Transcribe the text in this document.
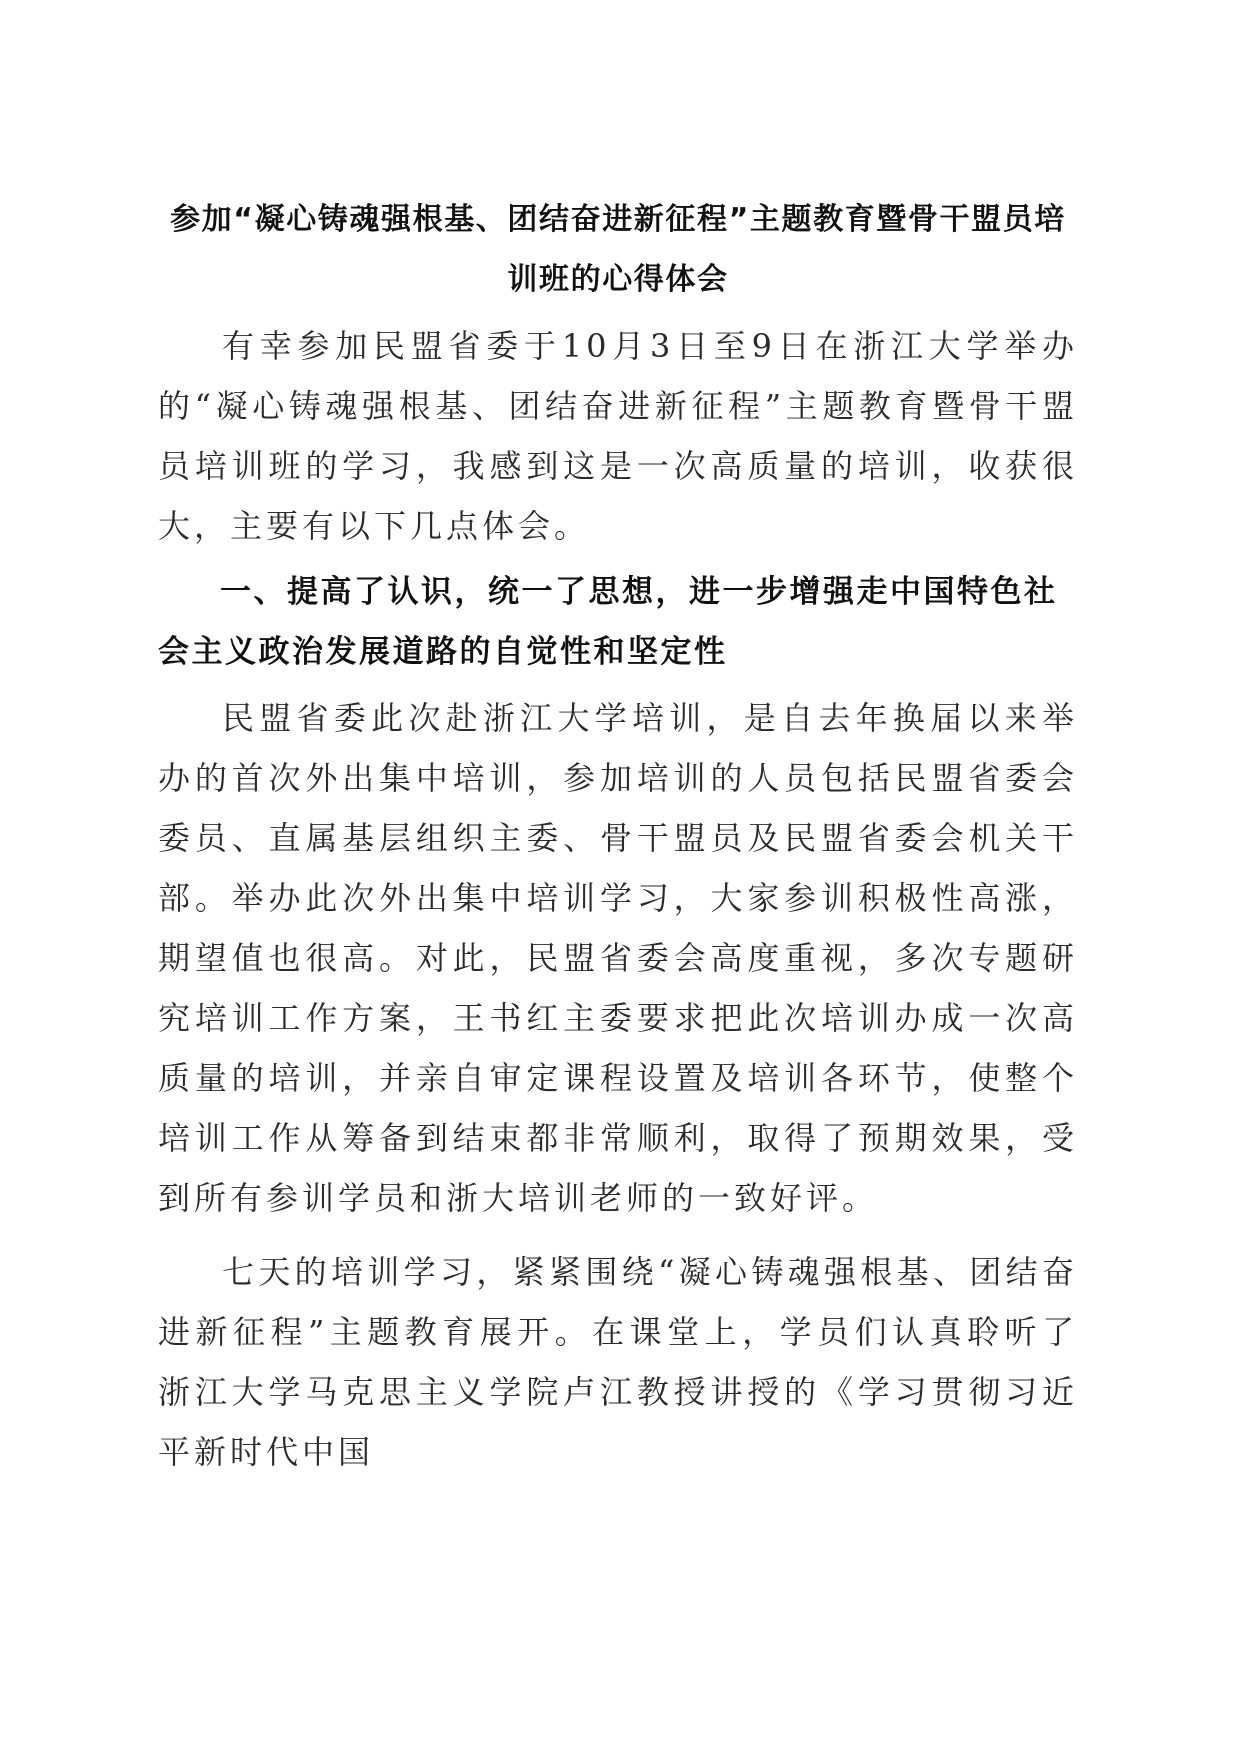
参加“凝心铸魂强根基、团结奋进新征程”主题教育暨骨干盟员培训班的心得体会

有幸参加民盟省委于10月3日至9日在浙江大学举办的“凝心铸魂强根基、团结奋进新征程”主题教育暨骨干盟员培训班的学习，我感到这是一次高质量的培训，收获很大，主要有以下几点体会。

一、提高了认识，统一了思想，进一步增强走中国特色社会主义政治发展道路的自觉性和坚定性

民盟省委此次赴浙江大学培训，是自去年换届以来举办的首次外出集中培训，参加培训的人员包括民盟省委会委员、直属基层组织主委、骨干盟员及民盟省委会机关干部。举办此次外出集中培训学习，大家参训积极性高涨，期望值也很高。对此，民盟省委会高度重视，多次专题研究培训工作方案，王书红主委要求把此次培训办成一次高质量的培训，并亲自审定课程设置及培训各环节，使整个培训工作从筹备到结束都非常顺利，取得了预期效果，受到所有参训学员和浙大培训老师的一致好评。

七天的培训学习，紧紧围绕“凝心铸魂强根基、团结奋进新征程”主题教育展开。在课堂上，学员们认真聆听了浙江大学马克思主义学院卢江教授讲授的《学习贯彻习近平新时代中国
